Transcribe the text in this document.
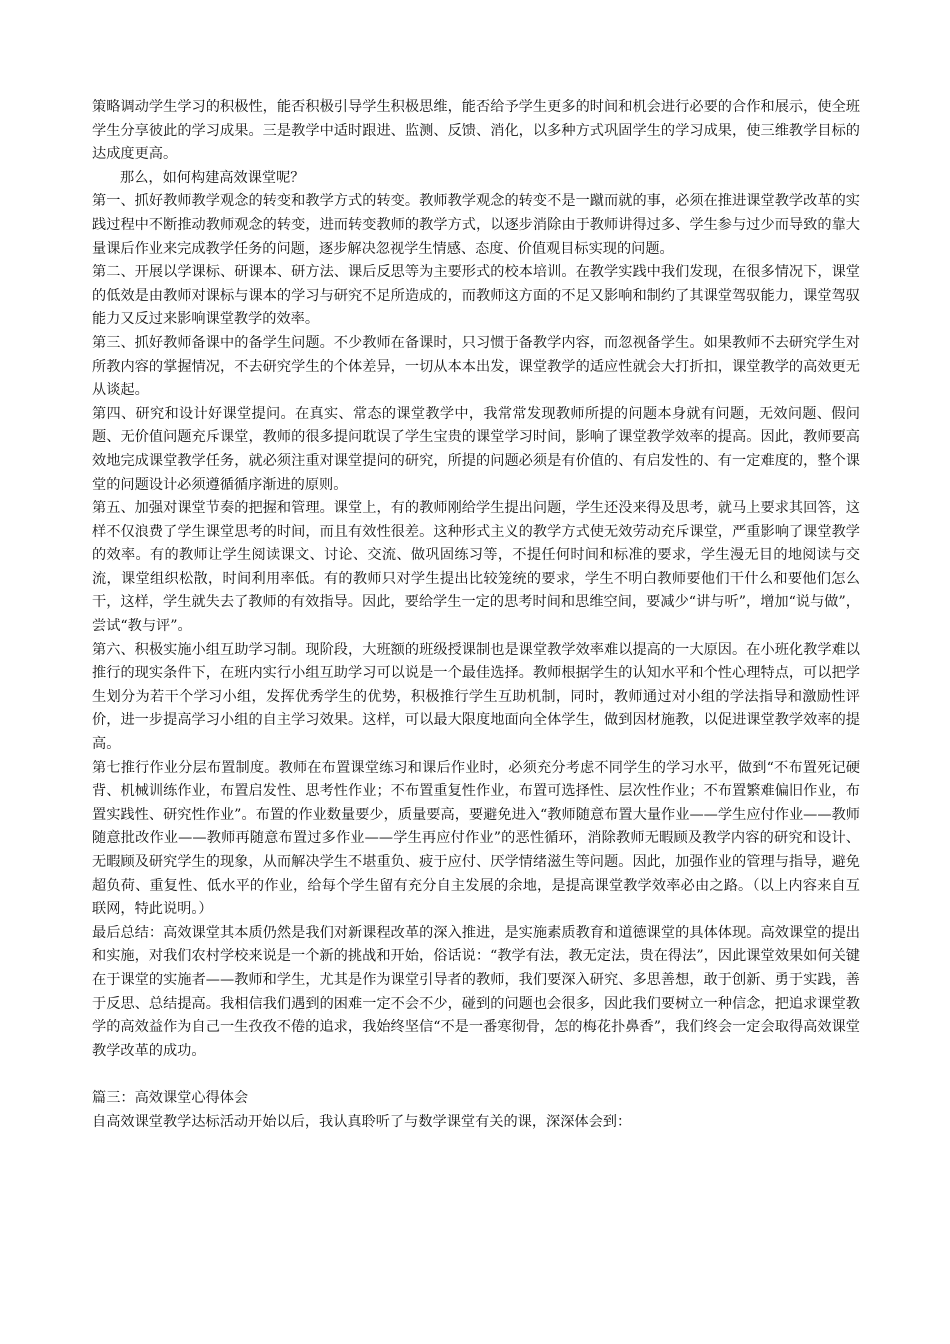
策略调动学生学习的积极性，能否积极引导学生积极思维，能否给予学生更多的时间和机会进行必要的合作和展示，使全班学生分享彼此的学习成果。三是教学中适时跟进、监测、反馈、消化，以多种方式巩固学生的学习成果，使三维教学目标的达成度更高。

那么，如何构建高效课堂呢？

第一、抓好教师教学观念的转变和教学方式的转变。教师教学观念的转变不是一蹴而就的事，必须在推进课堂教学改革的实践过程中不断推动教师观念的转变，进而转变教师的教学方式，以逐步消除由于教师讲得过多、学生参与过少而导致的靠大量课后作业来完成教学任务的问题，逐步解决忽视学生情感、态度、价值观目标实现的问题。

第二、开展以学课标、研课本、研方法、课后反思等为主要形式的校本培训。在教学实践中我们发现，在很多情况下，课堂的低效是由教师对课标与课本的学习与研究不足所造成的，而教师这方面的不足又影响和制约了其课堂驾驭能力，课堂驾驭能力又反过来影响课堂教学的效率。

第三、抓好教师备课中的备学生问题。不少教师在备课时，只习惯于备教学内容，而忽视备学生。如果教师不去研究学生对所教内容的掌握情况，不去研究学生的个体差异，一切从本本出发，课堂教学的适应性就会大打折扣，课堂教学的高效更无从谈起。

第四、研究和设计好课堂提问。在真实、常态的课堂教学中，我常常发现教师所提的问题本身就有问题，无效问题、假问题、无价值问题充斥课堂，教师的很多提问耽误了学生宝贵的课堂学习时间，影响了课堂教学效率的提高。因此，教师要高效地完成课堂教学任务，就必须注重对课堂提问的研究，所提的问题必须是有价值的、有启发性的、有一定难度的，整个课堂的问题设计必须遵循循序渐进的原则。

第五、加强对课堂节奏的把握和管理。课堂上，有的教师刚给学生提出问题，学生还没来得及思考，就马上要求其回答，这样不仅浪费了学生课堂思考的时间，而且有效性很差。这种形式主义的教学方式使无效劳动充斥课堂，严重影响了课堂教学的效率。有的教师让学生阅读课文、讨论、交流、做巩固练习等，不提任何时间和标准的要求，学生漫无目的地阅读与交流，课堂组织松散，时间利用率低。有的教师只对学生提出比较笼统的要求，学生不明白教师要他们干什么和要他们怎么干，这样，学生就失去了教师的有效指导。因此，要给学生一定的思考时间和思维空间，要减少“讲与听”，增加“说与做”，尝试“教与评”。

第六、积极实施小组互助学习制。现阶段，大班额的班级授课制也是课堂教学效率难以提高的一大原因。在小班化教学难以推行的现实条件下，在班内实行小组互助学习可以说是一个最佳选择。教师根据学生的认知水平和个性心理特点，可以把学生划分为若干个学习小组，发挥优秀学生的优势，积极推行学生互助机制，同时，教师通过对小组的学法指导和激励性评价，进一步提高学习小组的自主学习效果。这样，可以最大限度地面向全体学生，做到因材施教，以促进课堂教学效率的提高。

第七推行作业分层布置制度。教师在布置课堂练习和课后作业时，必须充分考虑不同学生的学习水平，做到“不布置死记硬背、机械训练作业，布置启发性、思考性作业；不布置重复性作业，布置可选择性、层次性作业；不布置繁难偏旧作业，布置实践性、研究性作业”。布置的作业数量要少，质量要高，要避免进入“教师随意布置大量作业——学生应付作业——教师随意批改作业——教师再随意布置过多作业——学生再应付作业”的恶性循环，消除教师无暇顾及教学内容的研究和设计、无暇顾及研究学生的现象，从而解决学生不堪重负、疲于应付、厌学情绪滋生等问题。因此，加强作业的管理与指导，避免超负荷、重复性、低水平的作业，给每个学生留有充分自主发展的余地，是提高课堂教学效率必由之路。（以上内容来自互联网，特此说明。）

最后总结：高效课堂其本质仍然是我们对新课程改革的深入推进，是实施素质教育和道德课堂的具体体现。高效课堂的提出和实施，对我们农村学校来说是一个新的挑战和开始，俗话说：“教学有法，教无定法，贵在得法”，因此课堂效果如何关键在于课堂的实施者——教师和学生，尤其是作为课堂引导者的教师，我们要深入研究、多思善想，敢于创新、勇于实践，善于反思、总结提高。我相信我们遇到的困难一定不会不少，碰到的问题也会很多，因此我们要树立一种信念，把追求课堂教学的高效益作为自己一生孜孜不倦的追求，我始终坚信“不是一番寒彻骨，怎的梅花扑鼻香”，我们终会一定会取得高效课堂教学改革的成功。

篇三：高效课堂心得体会

自高效课堂教学达标活动开始以后，我认真聆听了与数学课堂有关的课，深深体会到：
